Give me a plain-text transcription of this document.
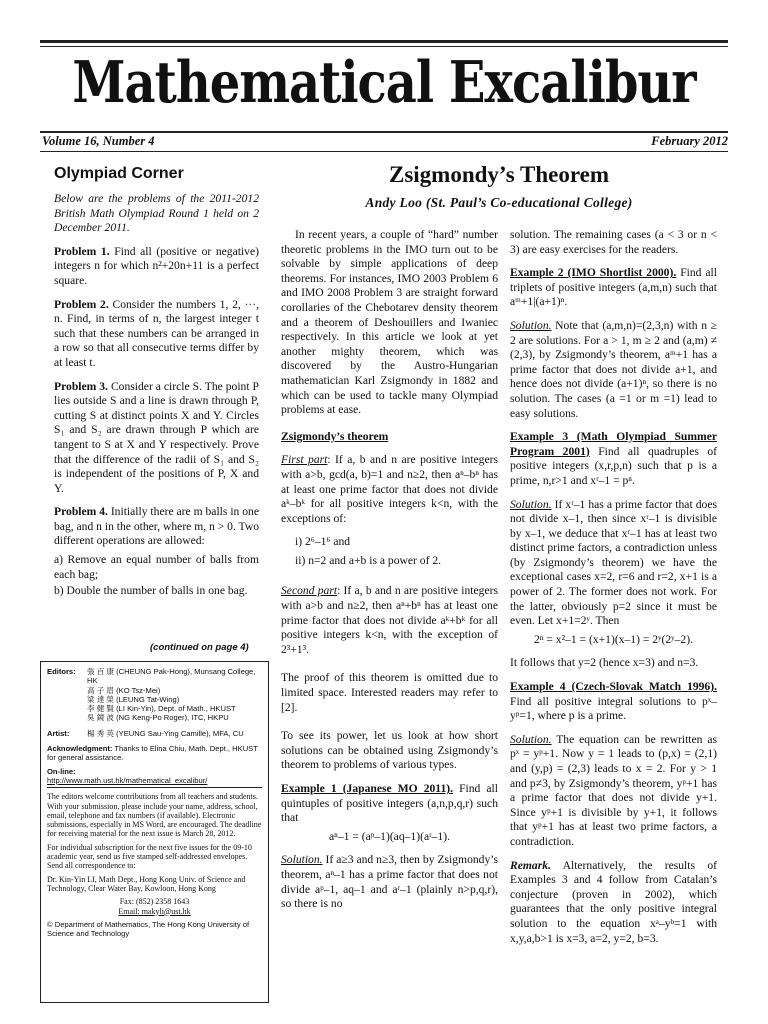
Mathematical Excalibur
Volume 16, Number 4	February 2012
Olympiad Corner

Below are the problems of the 2011-2012 British Math Olympiad Round 1 held on 2 December 2011.

Problem 1. Find all (positive or negative) integers n for which n²+20n+11 is a perfect square.

Problem 2. Consider the numbers 1, 2, ···, n. Find, in terms of n, the largest integer t such that these numbers can be arranged in a row so that all consecutive terms differ by at least t.

Problem 3. Consider a circle S. The point P lies outside S and a line is drawn through P, cutting S at distinct points X and Y. Circles S₁ and S₂ are drawn through P which are tangent to S at X and Y respectively. Prove that the difference of the radii of S₁ and S₂ is independent of the positions of P, X and Y.

Problem 4. Initially there are m balls in one bag, and n in the other, where m, n > 0. Two different operations are allowed:

a) Remove an equal number of balls from each bag;

b) Double the number of balls in one bag.

(continued on page 4)
Editors:	張 百 康 (CHEUNG Pak-Hong), Munsang College, HK
高 子 眉 (KO Tsz-Mei)
梁 達 榮 (LEUNG Tat-Wing)
李 健 賢 (LI Kin-Yin), Dept. of Math., HKUST
吳 鏡 波 (NG Keng-Po Roger), ITC, HKPU
Artist:	楊 秀 英 (YEUNG Sau-Ying Camille), MFA, CU

Acknowledgment: Thanks to Elina Chiu, Math. Dept., HKUST for general assistance.

On-line:
http://www.math.ust.hk/mathematical_excalibur/

The editors welcome contributions from all teachers and students. With your submission, please include your name, address, school, email, telephone and fax numbers (if available). Electronic submissions, especially in MS Word, are encouraged. The deadline for receiving material for the next issue is March 28, 2012.

For individual subscription for the next five issues for the 09-10 academic year, send us five stamped self-addressed envelopes. Send all correspondence to:

Dr. Kin-Yin LI, Math Dept., Hong Kong Univ. of Science and Technology, Clear Water Bay, Kowloon, Hong Kong

Fax: (852) 2358 1643
Email: makyli@ust.hk

© Department of Mathematics, The Hong Kong University of Science and Technology

Zsigmondy’s Theorem
Andy Loo (St. Paul’s Co-educational College)

In recent years, a couple of “hard” number theoretic problems in the IMO turn out to be solvable by simple applications of deep theorems. For instances, IMO 2003 Problem 6 and IMO 2008 Problem 3 are straight forward corollaries of the Chebotarev density theorem and a theorem of Deshouillers and Iwaniec respectively. In this article we look at yet another mighty theorem, which was discovered by the Austro-Hungarian mathematician Karl Zsigmondy in 1882 and which can be used to tackle many Olympiad problems at ease.

Zsigmondy’s theorem

First part: If a, b and n are positive integers with a>b, gcd(a, b)=1 and n≥2, then aⁿ–bⁿ has at least one prime factor that does not divide aᵏ–bᵏ for all positive integers k<n, with the exceptions of:

i) 2⁶–1⁶ and

ii) n=2 and a+b is a power of 2.

Second part: If a, b and n are positive integers with a>b and n≥2, then aⁿ+bⁿ has at least one prime factor that does not divide aᵏ+bᵏ for all positive integers k<n, with the exception of 2³+1³.

The proof of this theorem is omitted due to limited space. Interested readers may refer to [2].

To see its power, let us look at how short solutions can be obtained using Zsigmondy’s theorem to problems of various types.

Example 1 (Japanese MO 2011). Find all quintuples of positive integers (a,n,p,q,r) such that

aⁿ–1 = (aᵖ–1)(aq–1)(aʳ–1).

Solution. If a≥3 and n≥3, then by Zsigmondy’s theorem, aⁿ–1 has a prime factor that does not divide aᵖ–1, aq–1 and aʳ–1 (plainly n>p,q,r), so there is no

solution. The remaining cases (a < 3 or n < 3) are easy exercises for the readers.

Example 2 (IMO Shortlist 2000). Find all triplets of positive integers (a,m,n) such that aᵐ+1|(a+1)ⁿ.

Solution. Note that (a,m,n)=(2,3,n) with n ≥ 2 are solutions. For a > 1, m ≥ 2 and (a,m) ≠ (2,3), by Zsigmondy’s theorem, aᵐ+1 has a prime factor that does not divide a+1, and hence does not divide (a+1)ⁿ, so there is no solution. The cases (a =1 or m =1) lead to easy solutions.

Example 3 (Math Olympiad Summer Program 2001) Find all quadruples of positive integers (x,r,p,n) such that p is a prime, n,r>1 and xʳ–1 = pⁿ.

Solution. If xʳ–1 has a prime factor that does not divide x–1, then since xʳ–1 is divisible by x–1, we deduce that xʳ–1 has at least two distinct prime factors, a contradiction unless (by Zsigmondy’s theorem) we have the exceptional cases x=2, r=6 and r=2, x+1 is a power of 2. The former does not work. For the latter, obviously p=2 since it must be even. Let x+1=2ʸ. Then

2ⁿ = x²–1 = (x+1)(x–1) = 2ʸ(2ʸ–2).

It follows that y=2 (hence x=3) and n=3.

Example 4 (Czech-Slovak Match 1996). Find all positive integral solutions to pˣ–yᵖ=1, where p is a prime.

Solution. The equation can be rewritten as pˣ = yᵖ+1. Now y = 1 leads to (p,x) = (2,1) and (y,p) = (2,3) leads to x = 2. For y > 1 and p≠3, by Zsigmondy’s theorem, yᵖ+1 has a prime factor that does not divide y+1. Since yᵖ+1 is divisible by y+1, it follows that yᵖ+1 has at least two prime factors, a contradiction.

Remark. Alternatively, the results of Examples 3 and 4 follow from Catalan’s conjecture (proven in 2002), which guarantees that the only positive integral solution to the equation xᵃ–yᵇ=1 with x,y,a,b>1 is x=3, a=2, y=2, b=3.
